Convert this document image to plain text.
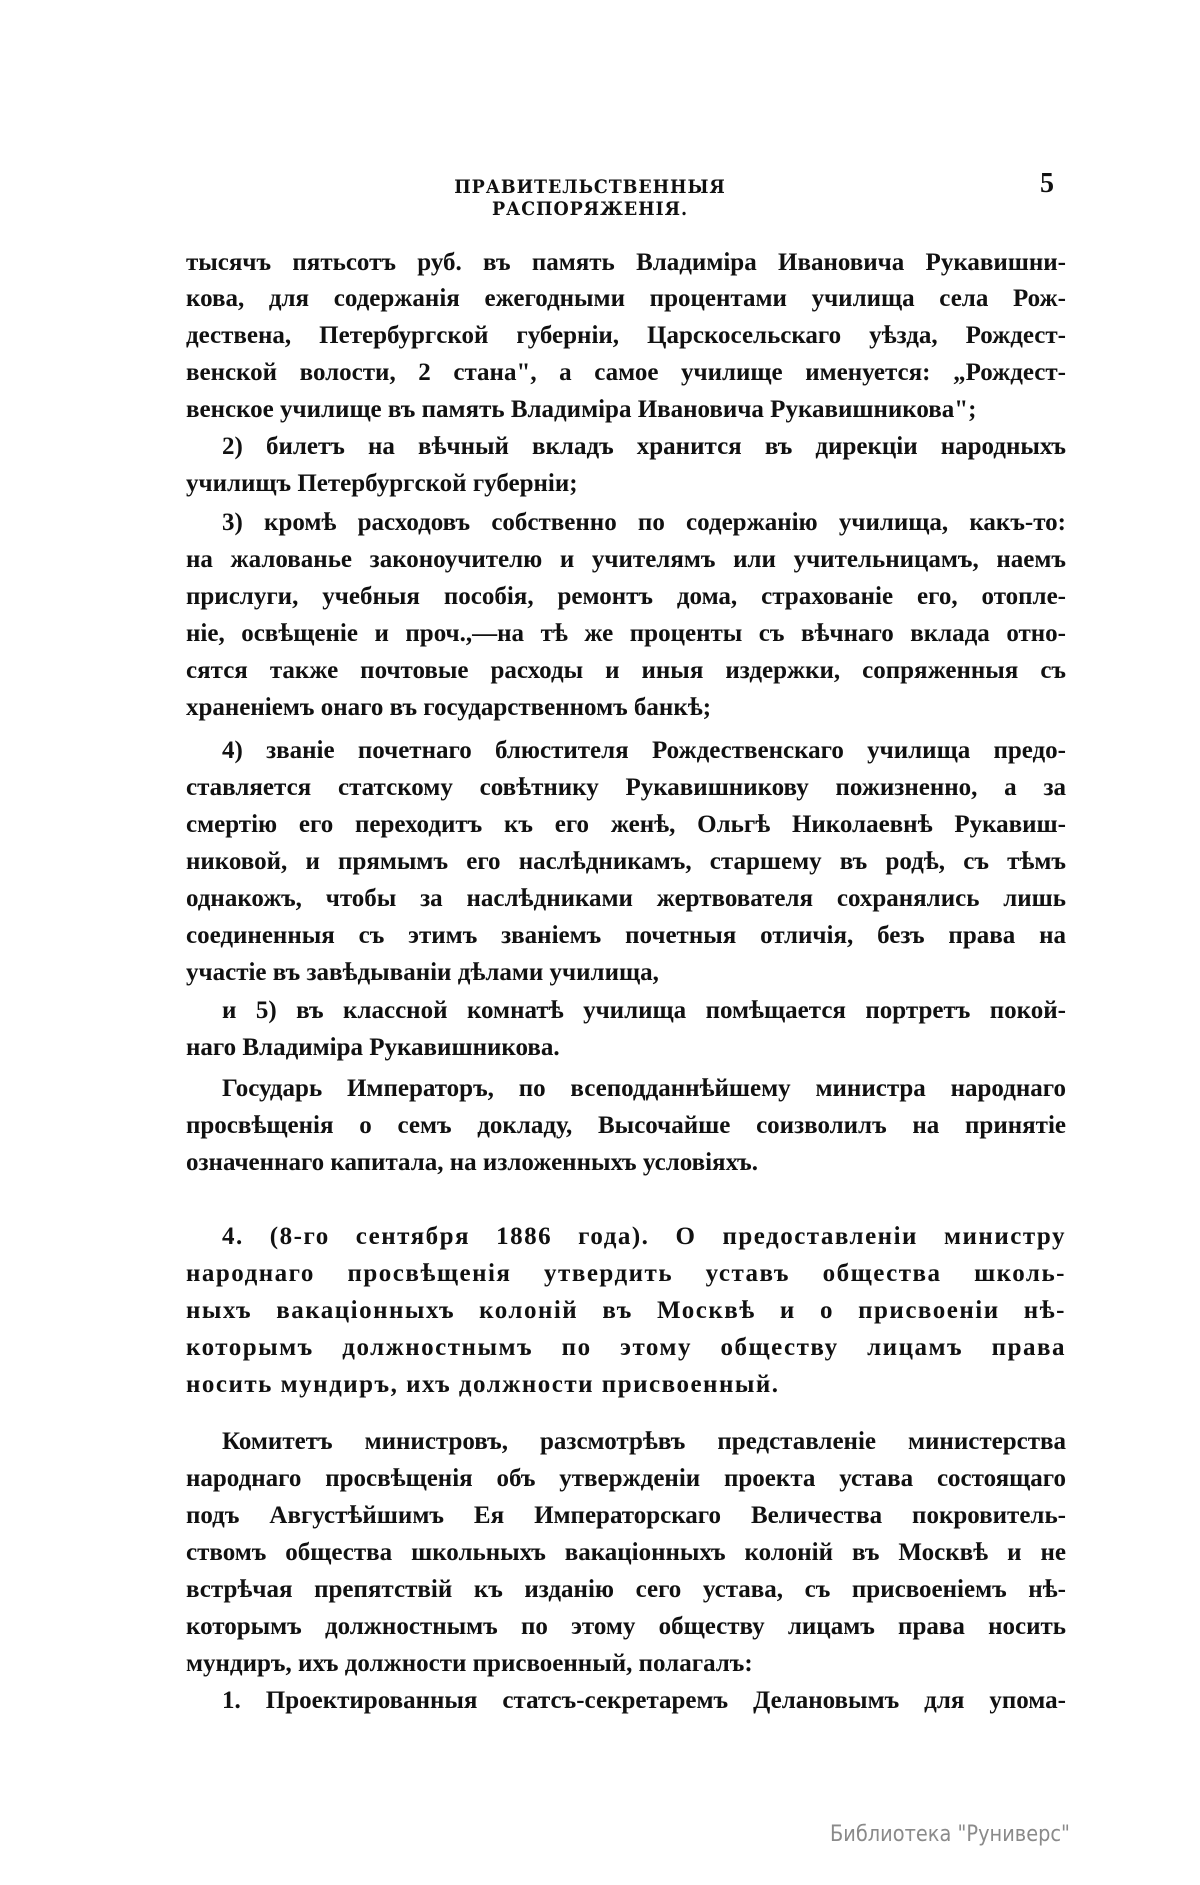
ПРАВИТЕЛЬСТВЕННЫЯ РАСПОРЯЖЕНІЯ.
5
тысячъ пятьсотъ руб. въ память Владиміра Ивановича Рукавишни-
кова, для содержанія ежегодными процентами училища села Рож-
дествена, Петербургской губерніи, Царскосельскаго уѣзда, Рождест-
венской волости, 2 стана", а самое училище именуется: „Рождест-
венское училище въ память Владиміра Ивановича Рукавишникова";
2) билетъ на вѣчный вкладъ хранится въ дирекціи народныхъ
училищъ Петербургской губерніи;
3) кромѣ расходовъ собственно по содержанію училища, какъ-то:
на жалованье законоучителю и учителямъ или учительницамъ, наемъ
прислуги, учебныя пособія, ремонтъ дома, страхованіе его, отопле-
ніе, освѣщеніе и проч.,—на тѣ же проценты съ вѣчнаго вклада отно-
сятся также почтовые расходы и иныя издержки, сопряженныя съ
храненіемъ онаго въ государственномъ банкѣ;
4) званіе почетнаго блюстителя Рождественскаго училища предо-
ставляется статскому совѣтнику Рукавишникову пожизненно, а за
смертію его переходитъ къ его женѣ, Ольгѣ Николаевнѣ Рукавиш-
никовой, и прямымъ его наслѣдникамъ, старшему въ родѣ, съ тѣмъ
однакожъ, чтобы за наслѣдниками жертвователя сохранялись лишь
соединенныя съ этимъ званіемъ почетныя отличія, безъ права на
участіе въ завѣдываніи дѣлами училища,
и 5) въ классной комнатѣ училища помѣщается портретъ покой-
наго Владиміра Рукавишникова.
Государь Императоръ, по всеподданнѣйшему министра народнаго
просвѣщенія о семъ докладу, Высочайше соизволилъ на принятіе
означеннаго капитала, на изложенныхъ условіяхъ.
4. (8-го сентября 1886 года). О предоставленіи министру
народнаго просвѣщенія утвердить уставъ общества школь-
ныхъ вакаціонныхъ колоній въ Москвѣ и о присвоеніи нѣ-
которымъ должностнымъ по этому обществу лицамъ права
носить мундиръ, ихъ должности присвоенный.
Комитетъ министровъ, разсмотрѣвъ представленіе министерства
народнаго просвѣщенія объ утвержденіи проекта устава состоящаго
подъ Августѣйшимъ Ея Императорскаго Величества покровитель-
ствомъ общества школьныхъ вакаціонныхъ колоній въ Москвѣ и не
встрѣчая препятствій къ изданію сего устава, съ присвоеніемъ нѣ-
которымъ должностнымъ по этому обществу лицамъ права носить
мундиръ, ихъ должности присвоенный, полагалъ:
1. Проектированныя статсъ-секретаремъ Делановымъ для упома-
Библиотека "Руниверс"
